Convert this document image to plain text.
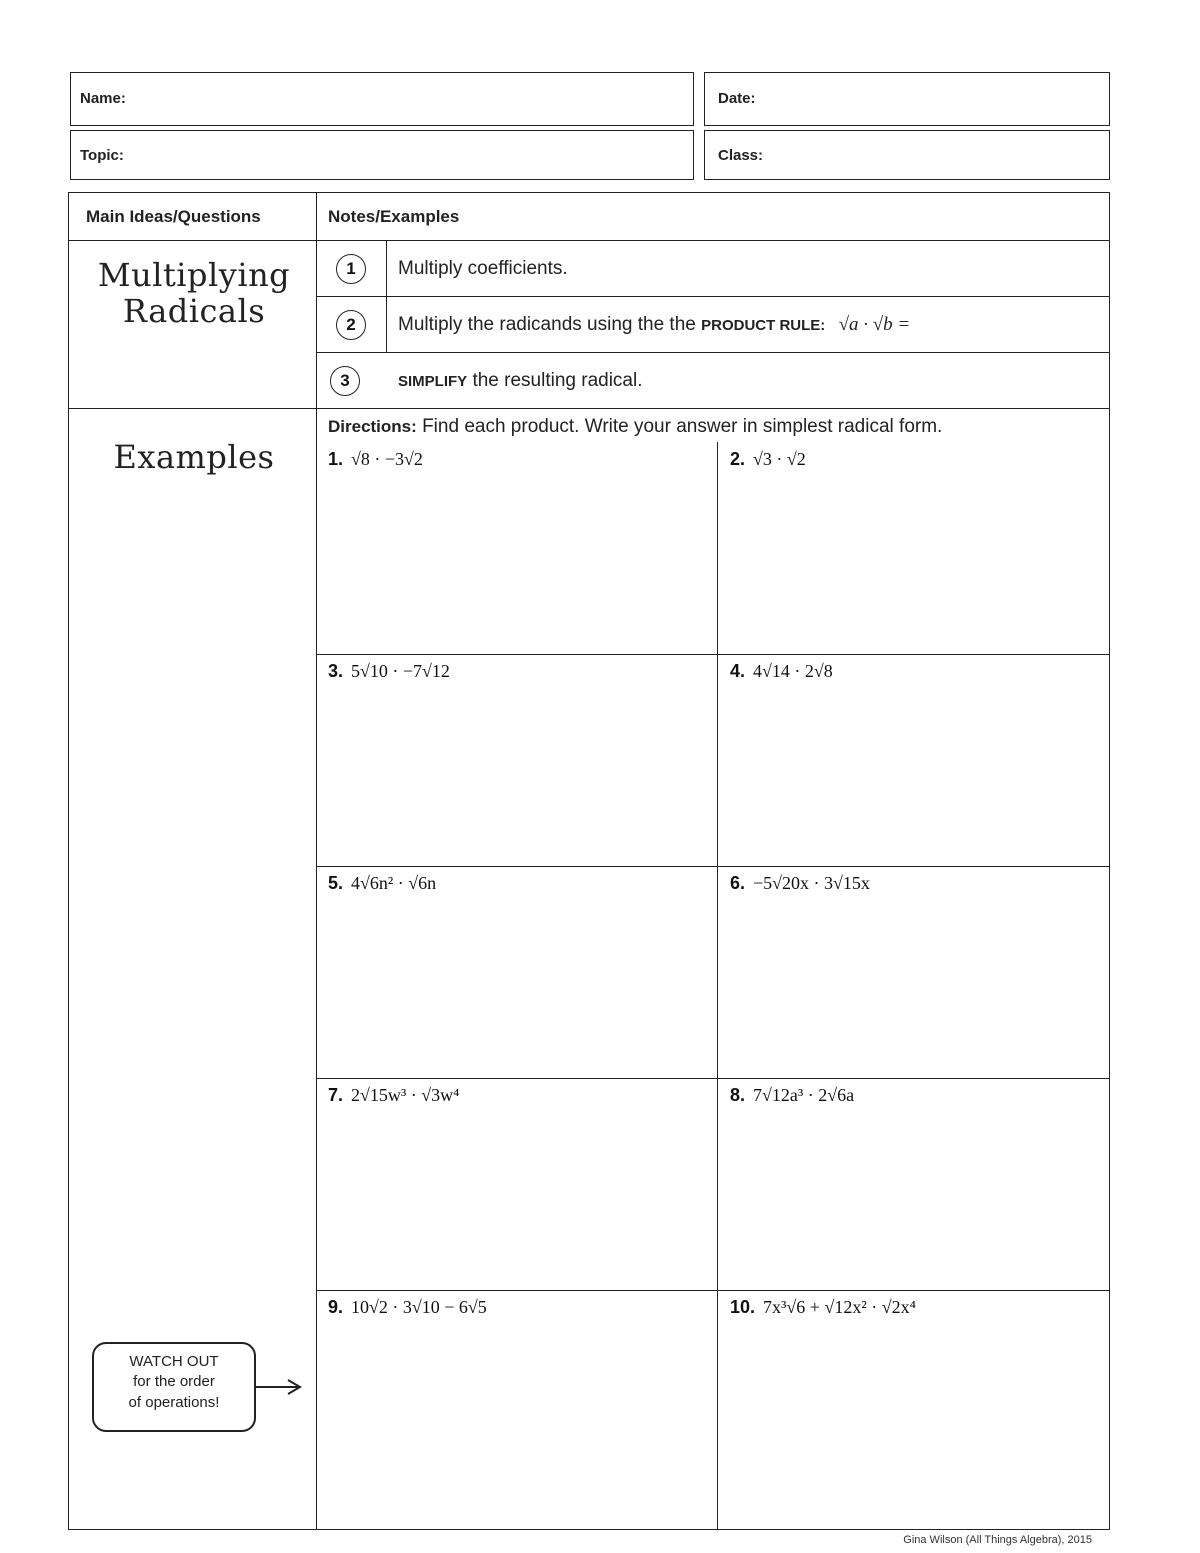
Name:	Date:
Topic:	Class:
Main Ideas/Questions	Notes/Examples
Multiplying
Radicals
1	Multiply coefficients.
2	Multiply the radicands using the the PRODUCT RULE: √a · √b =
3	SIMPLIFY the resulting radical.
Examples
Directions: Find each product. Write your answer in simplest radical form.
1. √8 · −3√2	2. √3 · √2
3. 5√10 · −7√12	4. 4√14 · 2√8
5. 4√6n² · √6n	6. −5√20x · 3√15x
7. 2√15w³ · √3w⁴	8. 7√12a³ · 2√6a
9. 10√2 · 3√10 − 6√5	10. 7x³√6 + √12x² · √2x⁴
WATCH OUT
for the order
of operations!
Gina Wilson (All Things Algebra), 2015
